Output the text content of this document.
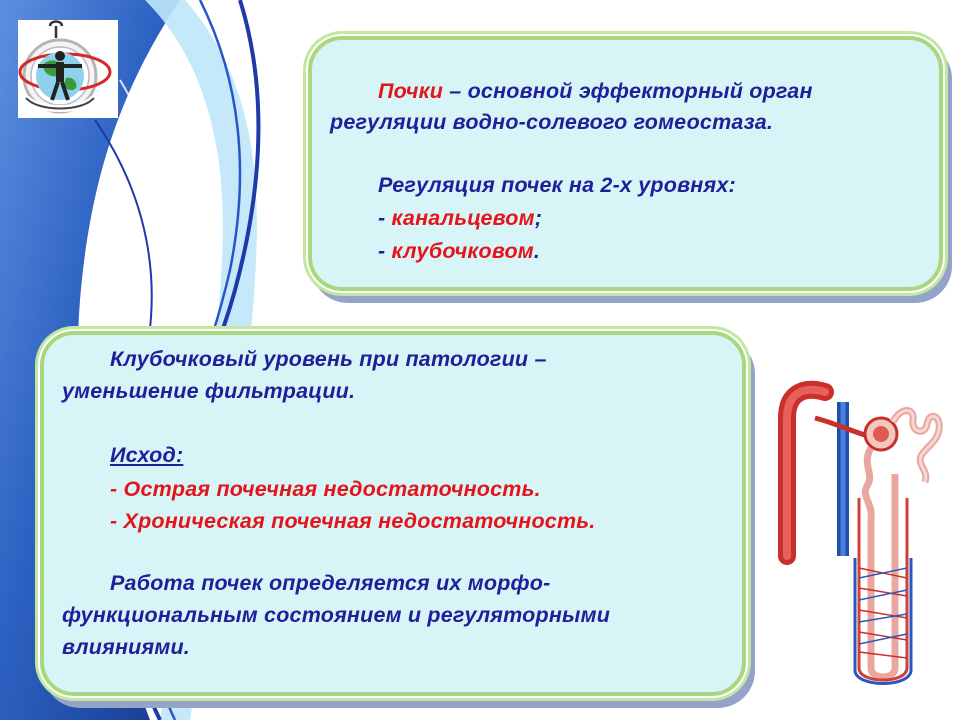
Почки – основной эффекторный орган
регуляции водно-солевого гомеостаза.
Регуляция почек на 2-х уровнях:
- канальцевом;
- клубочковом.
Клубочковый уровень при патологии –
уменьшение фильтрации.
Исход:
- Острая почечная недостаточность.
- Хроническая почечная недостаточность.
Работа почек определяется их морфо-
функциональным состоянием и регуляторными
влияниями.
